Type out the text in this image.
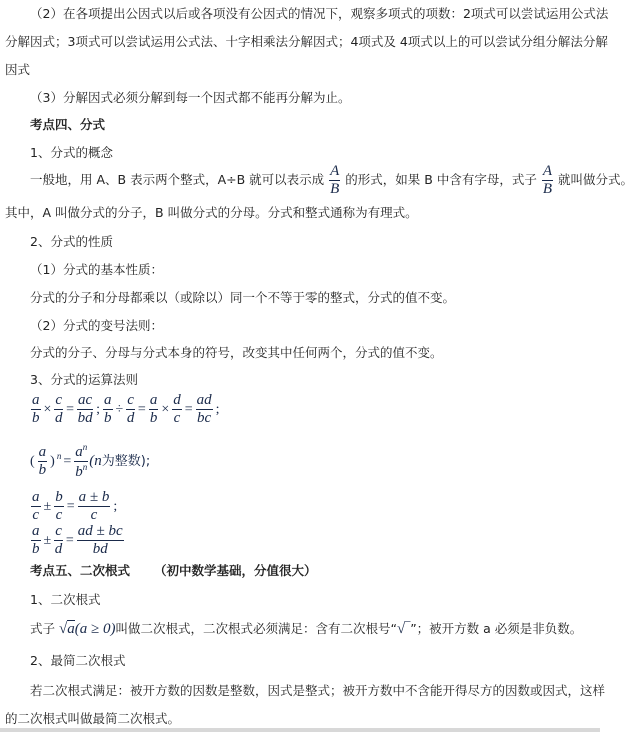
（2）在各项提出公因式以后或各项没有公因式的情况下，观察多项式的项数：2项式可以尝试运用公式法
分解因式；3项式可以尝试运用公式法、十字相乘法分解因式；4项式及 4项式以上的可以尝试分组分解法分解
因式
（3）分解因式必须分解到每一个因式都不能再分解为止。
考点四、分式
1、分式的概念
一般地，用 A、B 表示两个整式，A÷B 就可以表示成 $\frac{A}{B}$ 的形式，如果 B 中含有字母，式子 $\frac{A}{B}$ 就叫做分式。
其中，A 叫做分式的分子，B 叫做分式的分母。分式和整式通称为有理式。
2、分式的性质
（1）分式的基本性质：
分式的分子和分母都乘以（或除以）同一个不等于零的整式，分式的值不变。
（2）分式的变号法则：
分式的分子、分母与分式本身的符号，改变其中任何两个，分式的值不变。
3、分式的运算法则
$\frac{a}{b} \times \frac{c}{d} = \frac{ac}{bd}$ ; $\frac{a}{b} \div \frac{c}{d} = \frac{a}{b} \times \frac{d}{c} = \frac{ad}{bc}$ ;
( $\frac{a}{b}$ ) $^n = \frac{a^n}{b^n} (n$为整数);
$\frac{a}{c} \pm \frac{b}{c} = \frac{a \pm b}{c}$ ;
$\frac{a}{b} \pm \frac{c}{d} = \frac{ad \pm bc}{bd}$
考点五、二次根式 （初中数学基础，分值很大）
1、二次根式
式子 √a(a ≥ 0)叫做二次根式，二次根式必须满足：含有二次根号“√‾”；被开方数 a 必须是非负数。
2、最简二次根式
若二次根式满足：被开方数的因数是整数，因式是整式；被开方数中不含能开得尽方的因数或因式，这样
的二次根式叫做最简二次根式。
